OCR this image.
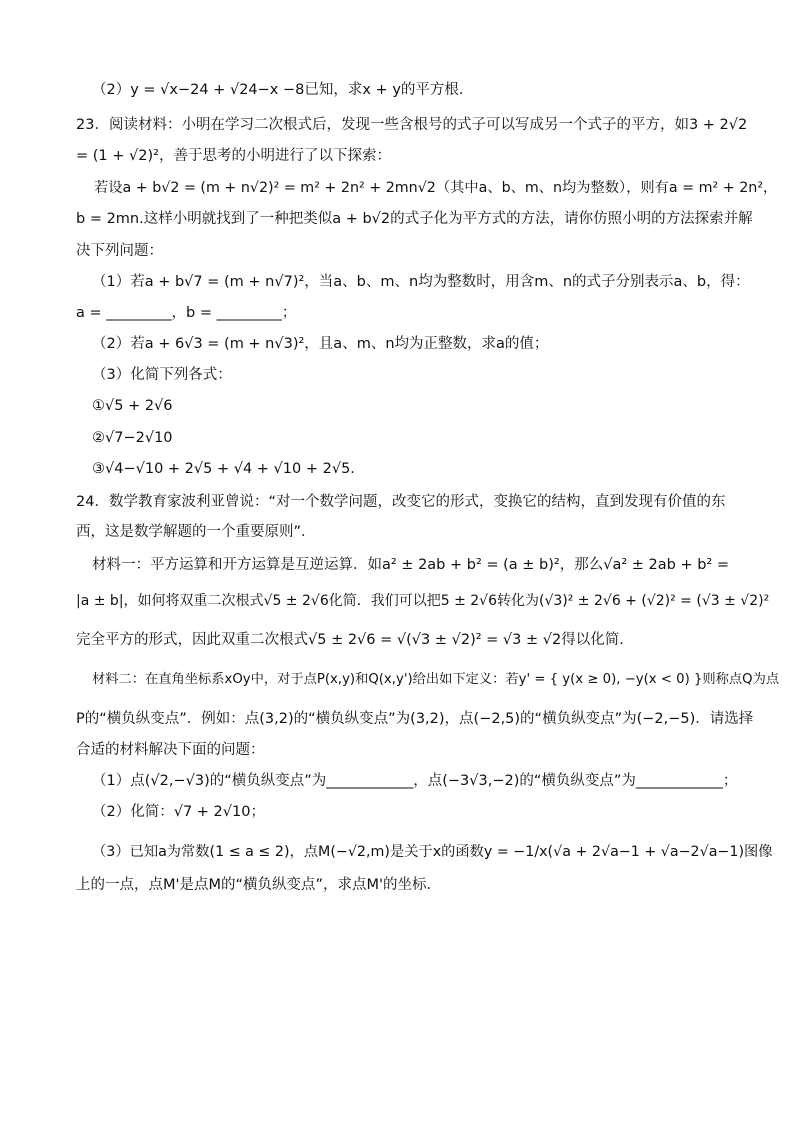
（2）y = √x−24 + √24−x −8已知，求x + y的平方根．
23．阅读材料：小明在学习二次根式后，发现一些含根号的式子可以写成另一个式子的平方，如3 + 2√2
= (1 + √2)²，善于思考的小明进行了以下探索：
若设a + b√2 = (m + n√2)² = m² + 2n² + 2mn√2（其中a、b、m、n均为整数），则有a = m² + 2n²，
b = 2mn.这样小明就找到了一种把类似a + b√2的式子化为平方式的方法，请你仿照小明的方法探索并解
决下列问题：
（1）若a + b√7 = (m + n√7)²，当a、b、m、n均为整数时，用含m、n的式子分别表示a、b，得：
a = _________，b = _________；
（2）若a + 6√3 = (m + n√3)²，且a、m、n均为正整数，求a的值；
（3）化简下列各式：
①√5 + 2√6
②√7−2√10
③√4−√10 + 2√5 + √4 + √10 + 2√5.
24．数学教育家波利亚曾说：“对一个数学问题，改变它的形式，变换它的结构，直到发现有价值的东
西，这是数学解题的一个重要原则”．
材料一：平方运算和开方运算是互逆运算．如a² ± 2ab + b² = (a ± b)²，那么√a² ± 2ab + b² =
|a ± b|，如何将双重二次根式√5 ± 2√6化简．我们可以把5 ± 2√6转化为(√3)² ± 2√6 + (√2)² = (√3 ± √2)²
完全平方的形式，因此双重二次根式√5 ± 2√6 = √(√3 ± √2)² = √3 ± √2得以化简．
材料二：在直角坐标系xOy中，对于点P(x,y)和Q(x,y')给出如下定义：若y' = { y(x ≥ 0), −y(x < 0) }则称点Q为点
P的“横负纵变点”．例如：点(3,2)的“横负纵变点”为(3,2)，点(−2,5)的“横负纵变点”为(−2,−5)．请选择
合适的材料解决下面的问题：
（1）点(√2,−√3)的“横负纵变点”为____________，点(−3√3,−2)的“横负纵变点”为____________；
（2）化简：√7 + 2√10；
（3）已知a为常数(1 ≤ a ≤ 2)，点M(−√2,m)是关于x的函数y = −1/x(√a + 2√a−1 + √a−2√a−1)图像
上的一点，点M'是点M的“横负纵变点”，求点M'的坐标．
